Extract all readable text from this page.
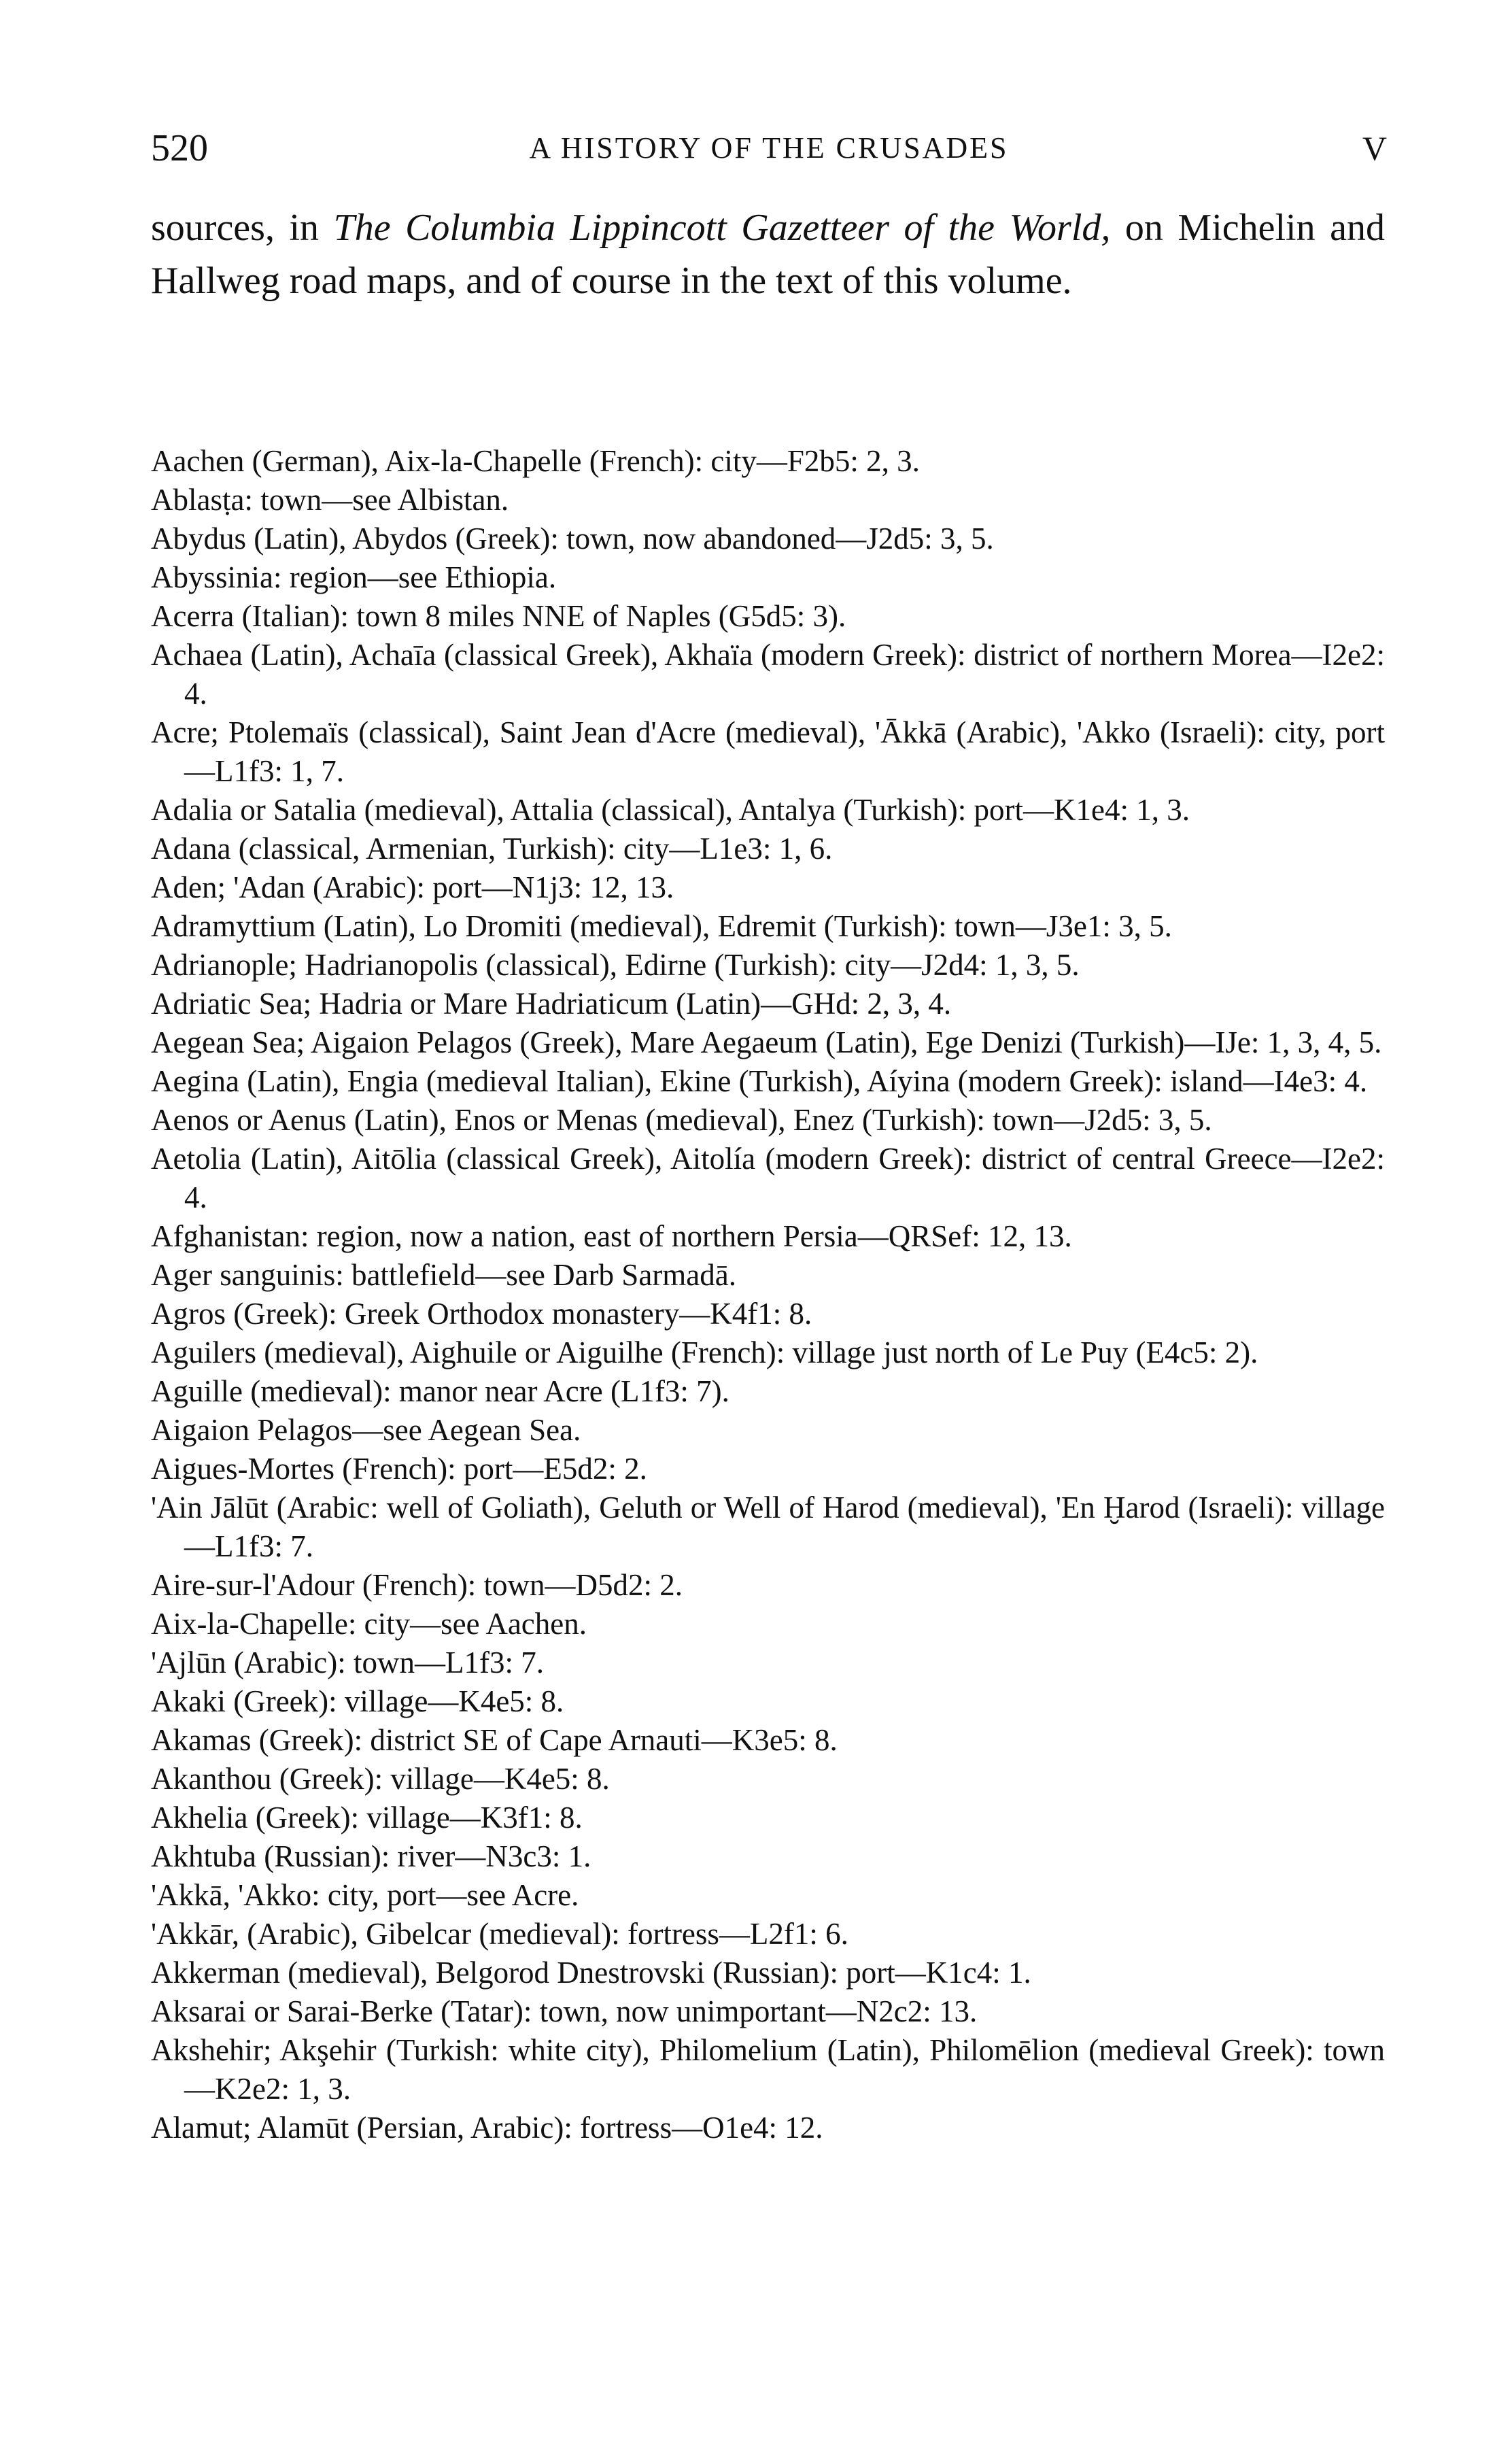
520	A HISTORY OF THE CRUSADES	V

sources, in The Columbia Lippincott Gazetteer of the World, on Michelin and Hallweg road maps, and of course in the text of this volume.

Aachen (German), Aix-la-Chapelle (French): city—F2b5: 2, 3.
Ablasṭa: town—see Albistan.
Abydus (Latin), Abydos (Greek): town, now abandoned—J2d5: 3, 5.
Abyssinia: region—see Ethiopia.
Acerra (Italian): town 8 miles NNE of Naples (G5d5: 3).
Achaea (Latin), Achaīa (classical Greek), Akhaïa (modern Greek): district of northern Morea—I2e2: 4.
Acre; Ptolemaïs (classical), Saint Jean d'Acre (medieval), 'Ākkā (Arabic), 'Akko (Israeli): city, port—L1f3: 1, 7.
Adalia or Satalia (medieval), Attalia (classical), Antalya (Turkish): port—K1e4: 1, 3.
Adana (classical, Armenian, Turkish): city—L1e3: 1, 6.
Aden; 'Adan (Arabic): port—N1j3: 12, 13.
Adramyttium (Latin), Lo Dromiti (medieval), Edremit (Turkish): town—J3e1: 3, 5.
Adrianople; Hadrianopolis (classical), Edirne (Turkish): city—J2d4: 1, 3, 5.
Adriatic Sea; Hadria or Mare Hadriaticum (Latin)—GHd: 2, 3, 4.
Aegean Sea; Aigaion Pelagos (Greek), Mare Aegaeum (Latin), Ege Denizi (Turkish)—IJe: 1, 3, 4, 5.
Aegina (Latin), Engia (medieval Italian), Ekine (Turkish), Aíyina (modern Greek): island—I4e3: 4.
Aenos or Aenus (Latin), Enos or Menas (medieval), Enez (Turkish): town—J2d5: 3, 5.
Aetolia (Latin), Aitōlia (classical Greek), Aitolía (modern Greek): district of central Greece—I2e2: 4.
Afghanistan: region, now a nation, east of northern Persia—QRSef: 12, 13.
Ager sanguinis: battlefield—see Darb Sarmadā.
Agros (Greek): Greek Orthodox monastery—K4f1: 8.
Aguilers (medieval), Aighuile or Aiguilhe (French): village just north of Le Puy (E4c5: 2).
Aguille (medieval): manor near Acre (L1f3: 7).
Aigaion Pelagos—see Aegean Sea.
Aigues-Mortes (French): port—E5d2: 2.
'Ain Jālūt (Arabic: well of Goliath), Geluth or Well of Harod (medieval), 'En Ḫarod (Israeli): village—L1f3: 7.
Aire-sur-l'Adour (French): town—D5d2: 2.
Aix-la-Chapelle: city—see Aachen.
'Ajlūn (Arabic): town—L1f3: 7.
Akaki (Greek): village—K4e5: 8.
Akamas (Greek): district SE of Cape Arnauti—K3e5: 8.
Akanthou (Greek): village—K4e5: 8.
Akhelia (Greek): village—K3f1: 8.
Akhtuba (Russian): river—N3c3: 1.
'Akkā, 'Akko: city, port—see Acre.
'Akkār, (Arabic), Gibelcar (medieval): fortress—L2f1: 6.
Akkerman (medieval), Belgorod Dnestrovski (Russian): port—K1c4: 1.
Aksarai or Sarai-Berke (Tatar): town, now unimportant—N2c2: 13.
Akshehir; Akşehir (Turkish: white city), Philomelium (Latin), Philomēlion (medieval Greek): town—K2e2: 1, 3.
Alamut; Alamūt (Persian, Arabic): fortress—O1e4: 12.
